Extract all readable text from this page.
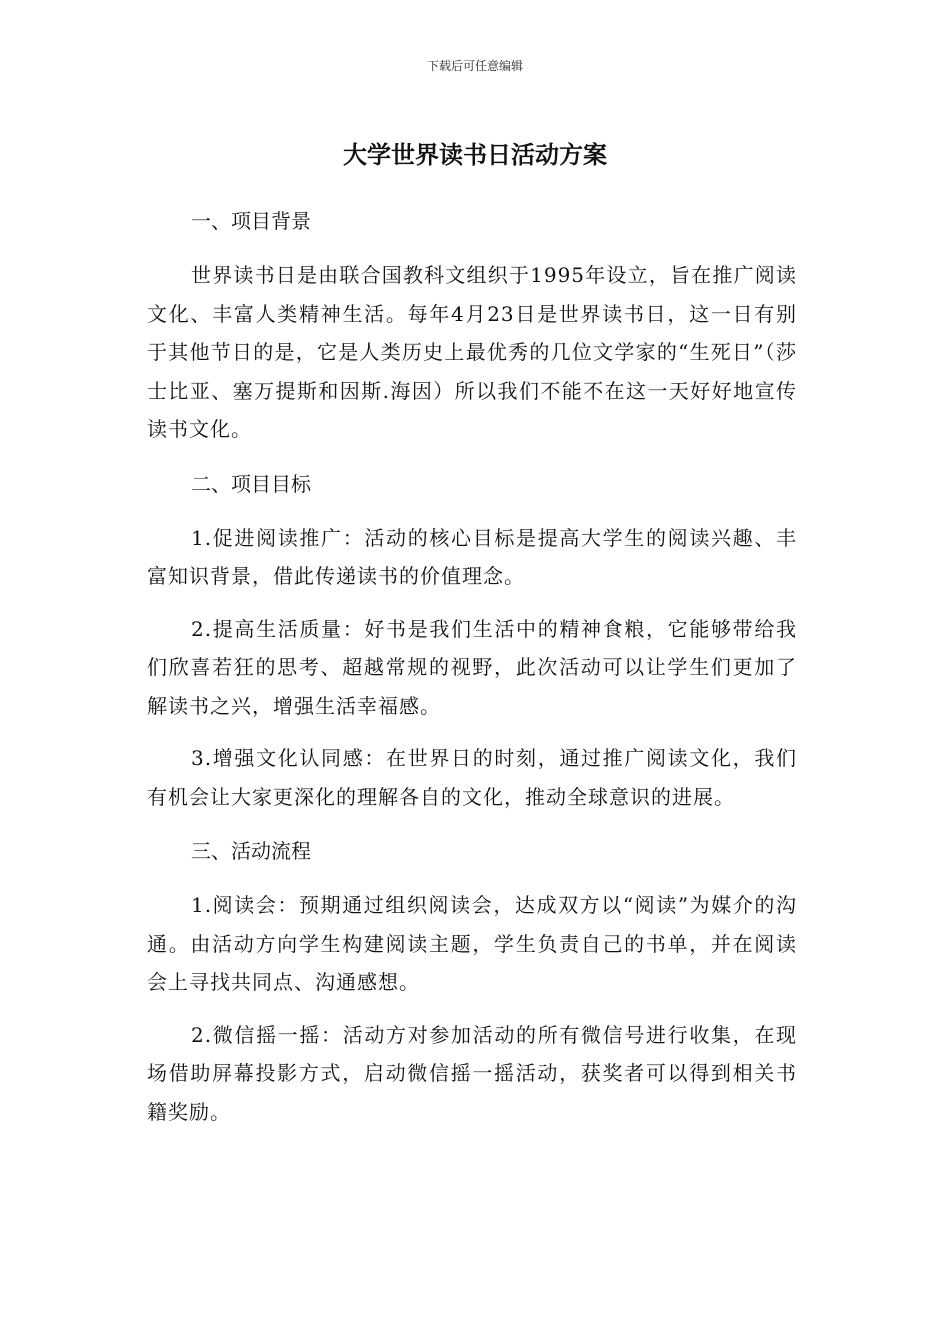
下载后可任意编辑
大学世界读书日活动方案
一、项目背景

世界读书日是由联合国教科文组织于1995年设立，旨在推广阅读文化、丰富人类精神生活。每年4月23日是世界读书日，这一日有别于其他节日的是，它是人类历史上最优秀的几位文学家的“生死日”（莎士比亚、塞万提斯和因斯.海因）所以我们不能不在这一天好好地宣传读书文化。

二、项目目标

1.促进阅读推广：活动的核心目标是提高大学生的阅读兴趣、丰富知识背景，借此传递读书的价值理念。

2.提高生活质量：好书是我们生活中的精神食粮，它能够带给我们欣喜若狂的思考、超越常规的视野，此次活动可以让学生们更加了解读书之兴，增强生活幸福感。

3.增强文化认同感：在世界日的时刻，通过推广阅读文化，我们有机会让大家更深化的理解各自的文化，推动全球意识的进展。

三、活动流程

1.阅读会：预期通过组织阅读会，达成双方以“阅读”为媒介的沟通。由活动方向学生构建阅读主题，学生负责自己的书单，并在阅读会上寻找共同点、沟通感想。

2.微信摇一摇：活动方对参加活动的所有微信号进行收集，在现场借助屏幕投影方式，启动微信摇一摇活动，获奖者可以得到相关书籍奖励。
